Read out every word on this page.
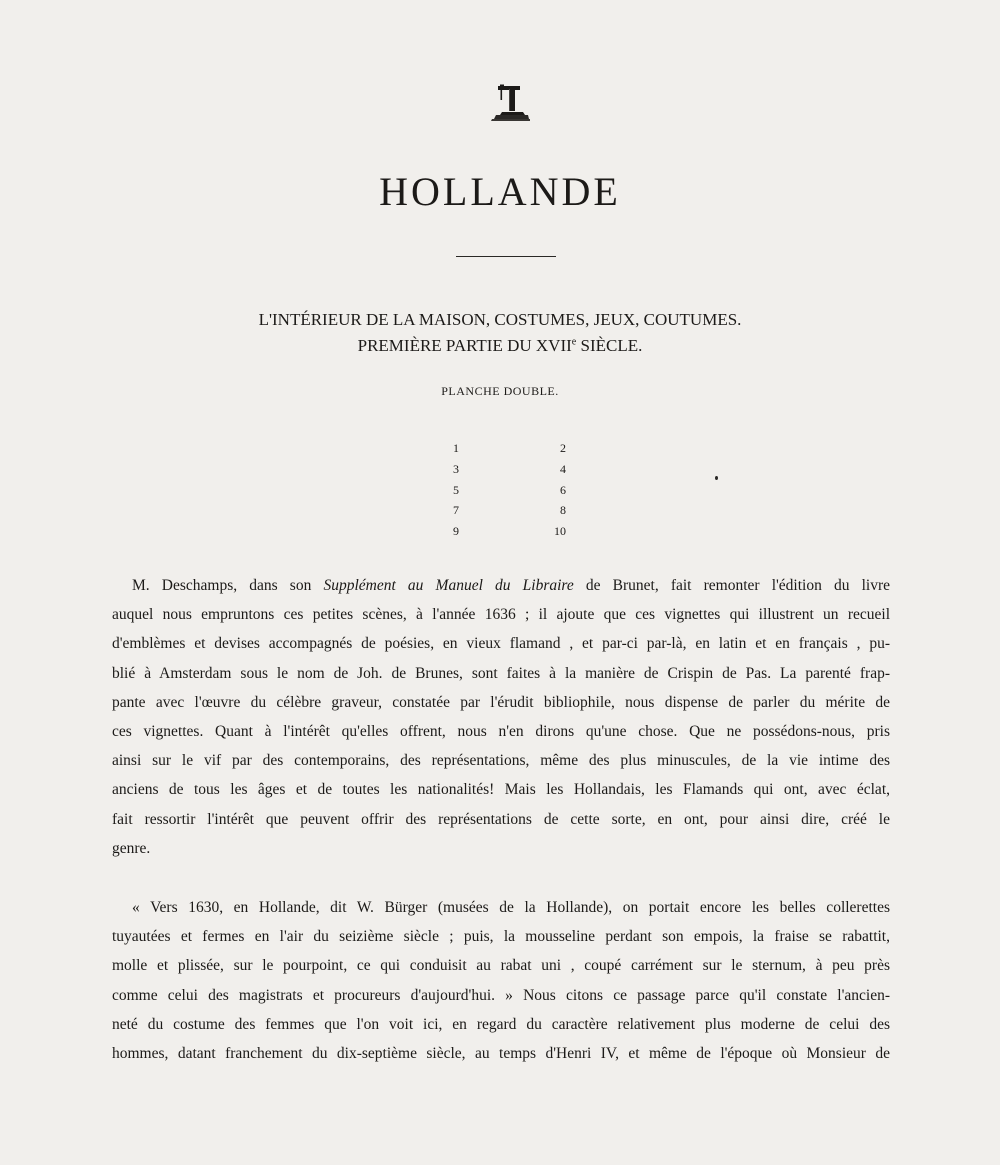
HOLLANDE

L'INTÉRIEUR DE LA MAISON, COSTUMES, JEUX, COUTUMES.

PREMIÈRE PARTIE DU XVIIe SIÈCLE.

PLANCHE DOUBLE.

1	2
3	4
5	6
7	8
9	10
M. Deschamps, dans son Supplément au Manuel du Libraire de Brunet, fait remonter l'édition du livre
auquel nous empruntons ces petites scènes, à l'année 1636 ; il ajoute que ces vignettes qui illustrent un recueil
d'emblèmes et devises accompagnés de poésies, en vieux flamand , et par-ci par-là, en latin et en français , pu-
blié à Amsterdam sous le nom de Joh. de Brunes, sont faites à la manière de Crispin de Pas. La parenté frap-
pante avec l'œuvre du célèbre graveur, constatée par l'érudit bibliophile, nous dispense de parler du mérite de
ces vignettes. Quant à l'intérêt qu'elles offrent, nous n'en dirons qu'une chose. Que ne possédons-nous, pris
ainsi sur le vif par des contemporains, des représentations, même des plus minuscules, de la vie intime des
anciens de tous les âges et de toutes les nationalités! Mais les Hollandais, les Flamands qui ont, avec éclat,
fait ressortir l'intérêt que peuvent offrir des représentations de cette sorte, en ont, pour ainsi dire, créé le
genre.
« Vers 1630, en Hollande, dit W. Bürger (musées de la Hollande), on portait encore les belles collerettes
tuyautées et fermes en l'air du seizième siècle ; puis, la mousseline perdant son empois, la fraise se rabattit,
molle et plissée, sur le pourpoint, ce qui conduisit au rabat uni , coupé carrément sur le sternum, à peu près
comme celui des magistrats et procureurs d'aujourd'hui. » Nous citons ce passage parce qu'il constate l'ancien-
neté du costume des femmes que l'on voit ici, en regard du caractère relativement plus moderne de celui des
hommes, datant franchement du dix-septième siècle, au temps d'Henri IV, et même de l'époque où Monsieur de
